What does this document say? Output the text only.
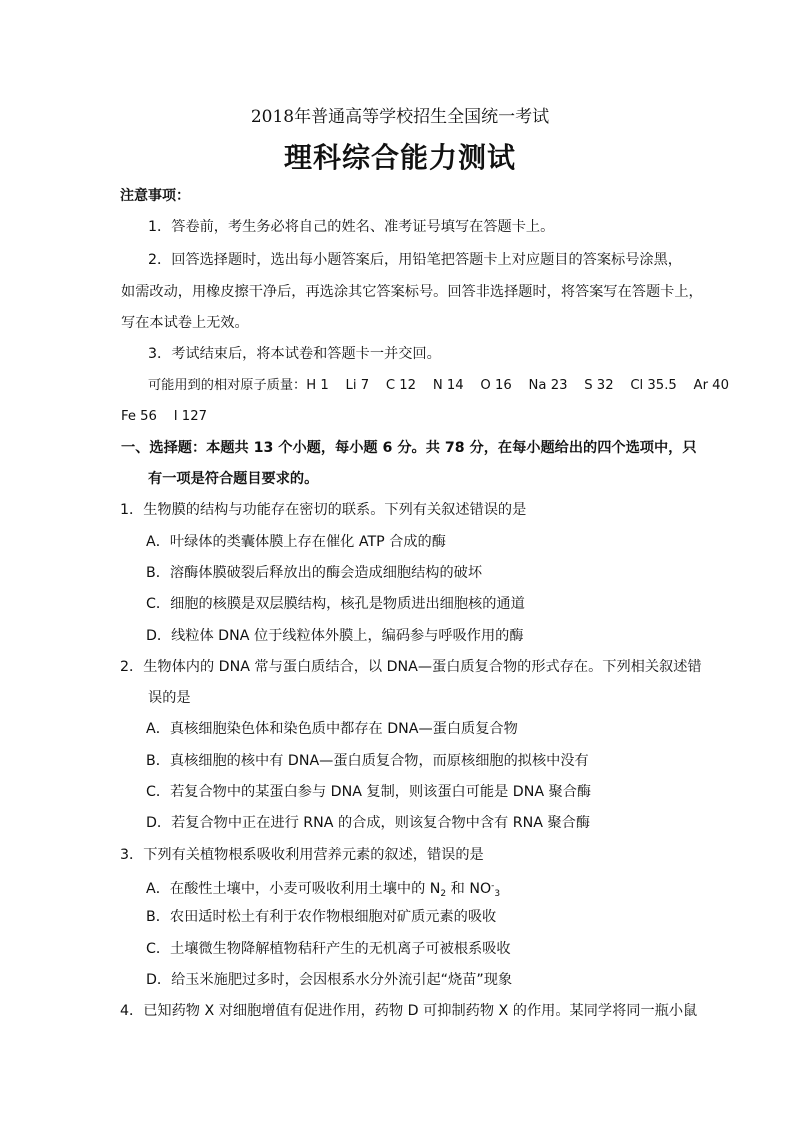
2018年普通高等学校招生全国统一考试
理科综合能力测试
注意事项：
1．答卷前，考生务必将自己的姓名、准考证号填写在答题卡上。
2．回答选择题时，选出每小题答案后，用铅笔把答题卡上对应题目的答案标号涂黑，
如需改动，用橡皮擦干净后，再选涂其它答案标号。回答非选择题时，将答案写在答题卡上，
写在本试卷上无效。
3．考试结束后，将本试卷和答题卡一并交回。
可能用到的相对原子质量：H 1    Li 7    C 12    N 14    O 16    Na 23    S 32    Cl 35.5    Ar 40
Fe 56    I 127
一、选择题：本题共 13 个小题，每小题 6 分。共 78 分，在每小题给出的四个选项中，只
有一项是符合题目要求的。
1．生物膜的结构与功能存在密切的联系。下列有关叙述错误的是
A．叶绿体的类囊体膜上存在催化 ATP 合成的酶
B．溶酶体膜破裂后释放出的酶会造成细胞结构的破坏
C．细胞的核膜是双层膜结构，核孔是物质进出细胞核的通道
D．线粒体 DNA 位于线粒体外膜上，编码参与呼吸作用的酶
2．生物体内的 DNA 常与蛋白质结合，以 DNA—蛋白质复合物的形式存在。下列相关叙述错
误的是
A．真核细胞染色体和染色质中都存在 DNA—蛋白质复合物
B．真核细胞的核中有 DNA—蛋白质复合物，而原核细胞的拟核中没有
C．若复合物中的某蛋白参与 DNA 复制，则该蛋白可能是 DNA 聚合酶
D．若复合物中正在进行 RNA 的合成，则该复合物中含有 RNA 聚合酶
3．下列有关植物根系吸收利用营养元素的叙述，错误的是
A．在酸性土壤中，小麦可吸收利用土壤中的 $N_2$ 和 $NO^-_3$
B．农田适时松土有利于农作物根细胞对矿质元素的吸收
C．土壤微生物降解植物秸秆产生的无机离子可被根系吸收
D．给玉米施肥过多时，会因根系水分外流引起“烧苗”现象
4．已知药物 X 对细胞增值有促进作用，药物 D 可抑制药物 X 的作用。某同学将同一瓶小鼠
